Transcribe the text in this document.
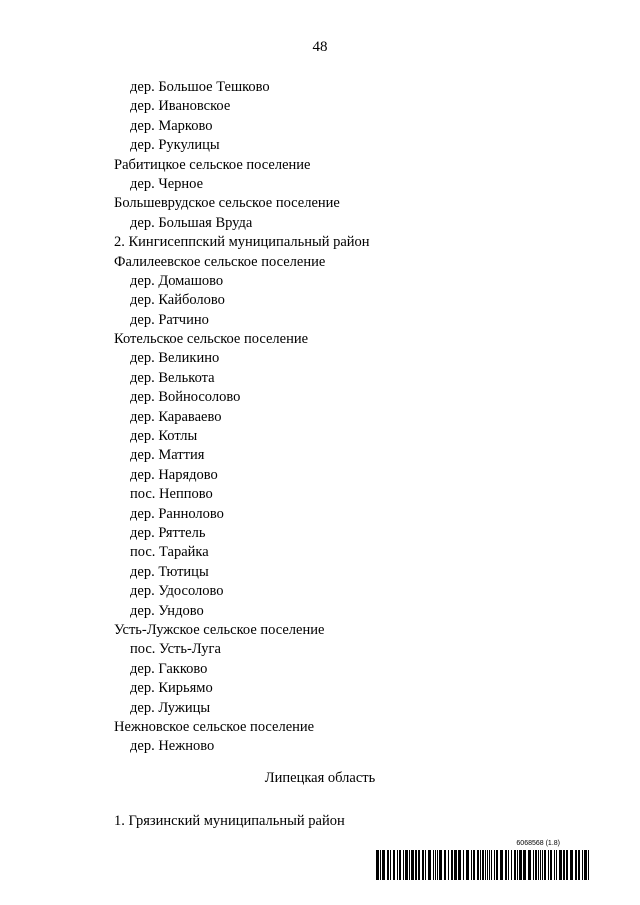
48
дер. Большое Тешково
дер. Ивановское
дер. Марково
дер. Рукулицы
Рабитицкое сельское поселение
дер. Черное
Большеврудское сельское поселение
дер. Большая Вруда
2. Кингисеппский муниципальный район
Фалилеевское сельское поселение
дер. Домашово
дер. Кайболово
дер. Ратчино
Котельское сельское поселение
дер. Великино
дер. Велькота
дер. Войносолово
дер. Караваево
дер. Котлы
дер. Маттия
дер. Нарядово
пос. Неппово
дер. Раннолово
дер. Ряттель
пос. Тарайка
дер. Тютицы
дер. Удосолово
дер. Ундово
Усть-Лужское сельское поселение
пос. Усть-Луга
дер. Гакково
дер. Кирьямо
дер. Лужицы
Нежновское сельское поселение
дер. Нежново
Липецкая область
1. Грязинский муниципальный район
6068568 (1.8)
